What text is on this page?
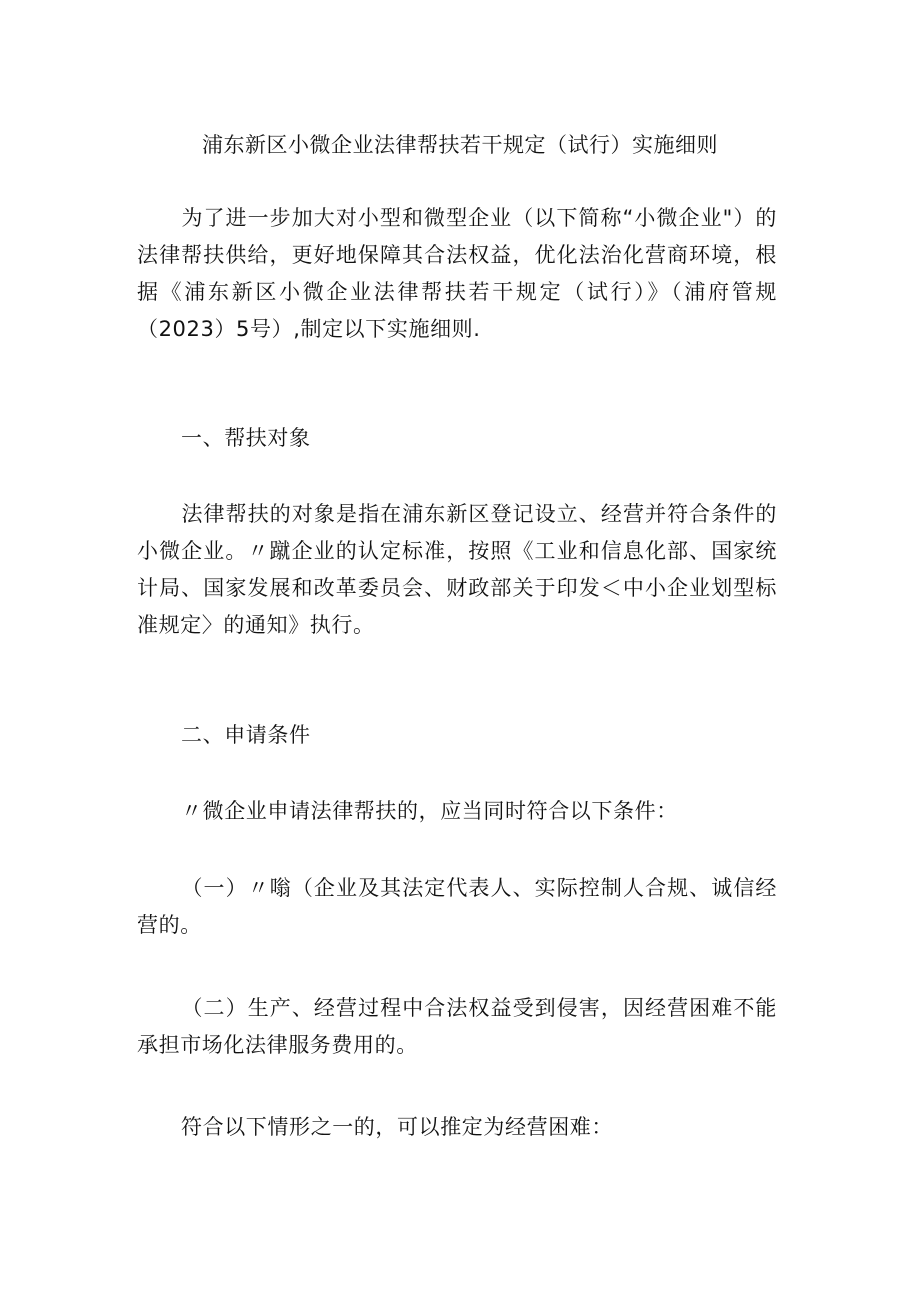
浦东新区小微企业法律帮扶若干规定（试行）实施细则

为了进一步加大对小型和微型企业（以下简称“小微企业"）的法律帮扶供给，更好地保障其合法权益，优化法治化营商环境，根据《浦东新区小微企业法律帮扶若干规定（试行）》（浦府管规（2023）5号）,制定以下实施细则.

一、帮扶对象

法律帮扶的对象是指在浦东新区登记设立、经营并符合条件的小微企业。〃蹴企业的认定标准，按照《工业和信息化部、国家统计局、国家发展和改革委员会、财政部关于印发＜中小企业划型标准规定〉的通知》执行。

二、申请条件

〃微企业申请法律帮扶的，应当同时符合以下条件：

（一）〃嗡（企业及其法定代表人、实际控制人合规、诚信经营的。

（二）生产、经营过程中合法权益受到侵害，因经营困难不能承担市场化法律服务费用的。

符合以下情形之一的，可以推定为经营困难：
